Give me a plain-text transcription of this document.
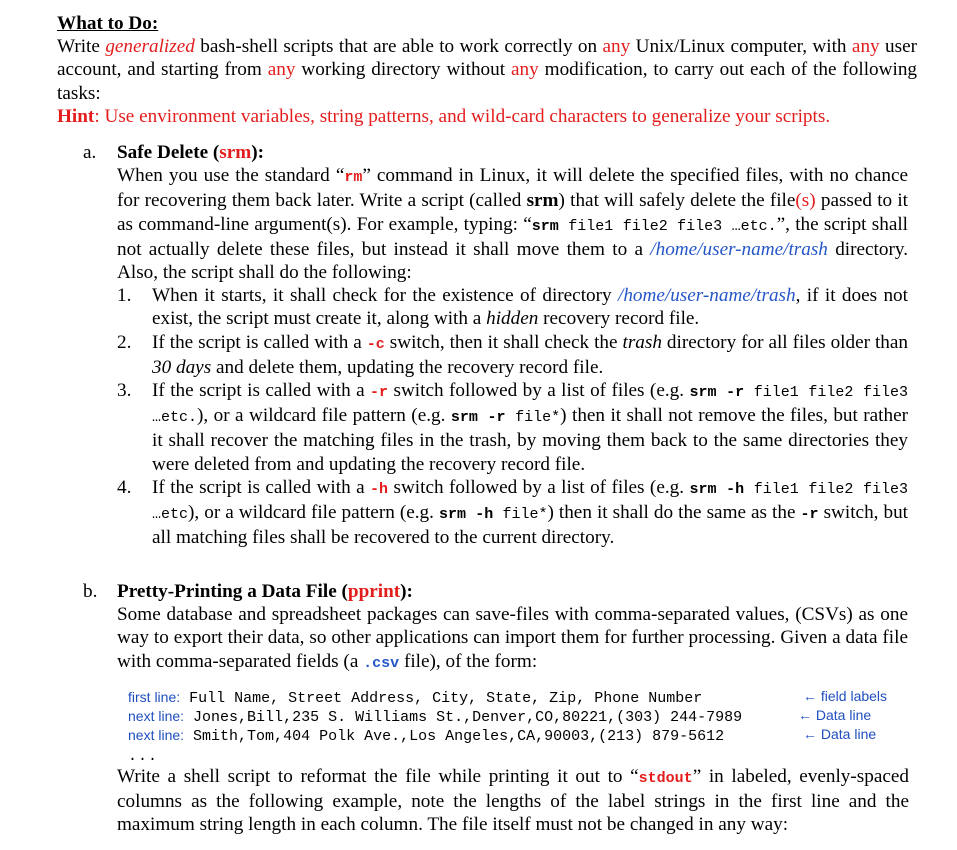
What to Do:

Write generalized bash-shell scripts that are able to work correctly on any Unix/Linux computer, with any user account, and starting from any working directory without any modification, to carry out each of the following tasks:

Hint: Use environment variables, string patterns, and wild-card characters to generalize your scripts.

a. Safe Delete (srm):

When you use the standard “rm” command in Linux, it will delete the specified files, with no chance for recovering them back later. Write a script (called srm) that will safely delete the file(s) passed to it as command-line argument(s). For example, typing: “srm file1 file2 file3 …etc.”, the script shall not actually delete these files, but instead it shall move them to a /home/user-name/trash directory. Also, the script shall do the following:

1. When it starts, it shall check for the existence of directory /home/user-name/trash, if it does not exist, the script must create it, along with a hidden recovery record file.
2. If the script is called with a -c switch, then it shall check the trash directory for all files older than 30 days and delete them, updating the recovery record file.
3. If the script is called with a -r switch followed by a list of files (e.g. srm -r file1 file2 file3 …etc.), or a wildcard file pattern (e.g. srm -r file*) then it shall not remove the files, but rather it shall recover the matching files in the trash, by moving them back to the same directories they were deleted from and updating the recovery record file.
4. If the script is called with a -h switch followed by a list of files (e.g. srm -h file1 file2 file3 …etc), or a wildcard file pattern (e.g. srm -h file*) then it shall do the same as the -r switch, but all matching files shall be recovered to the current directory.
b. Pretty-Printing a Data File (pprint):

Some database and spreadsheet packages can save-files with comma-separated values, (CSVs) as one way to export their data, so other applications can import them for further processing. Given a data file with comma-separated fields (a .csv file), of the form:

first line: Full Name, Street Address, City, State, Zip, Phone Number	← field labels
next line: Jones,Bill,235 S. Williams St.,Denver,CO,80221,(303) 244-7989	← Data line
next line: Smith,Tom,404 Polk Ave.,Los Angeles,CA,90003,(213) 879-5612	← Data line
...

Write a shell script to reformat the file while printing it out to “stdout” in labeled, evenly-spaced columns as the following example, note the lengths of the label strings in the first line and the maximum string length in each column. The file itself must not be changed in any way:
